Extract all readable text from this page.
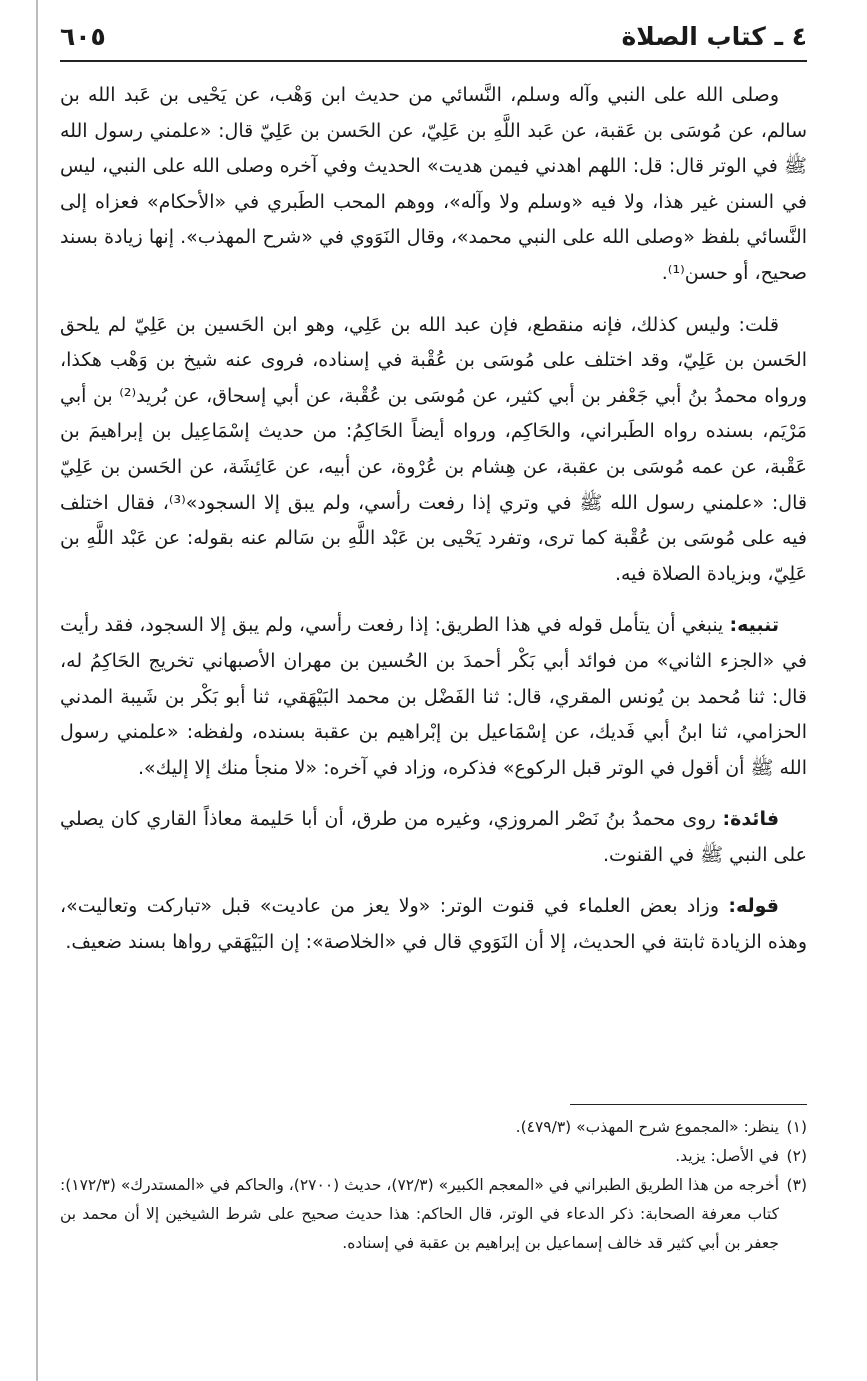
٤ ـ كتاب الصلاة
٦٠٥

وصلى الله على النبي وآله وسلم، النَّسائي من حديث ابن وَهْب، عن يَحْيى بن عَبد الله بن سالم، عن مُوسَى بن عَقبة، عن عَبد اللَّهِ بن عَلِيّ، عن الحَسن بن عَلِيّ قال: «علمني رسول الله ﷺ في الوتر قال: قل: اللهم اهدني فيمن هديت» الحديث وفي آخره وصلى الله على النبي، ليس في السنن غير هذا، ولا فيه «وسلم ولا وآله»، ووهم المحب الطَبري في «الأحكام» فعزاه إلى النَّسائي بلفظ «وصلى الله على النبي محمد»، وقال النَوَوي في «شرح المهذب». إنها زيادة بسند صحيح، أو حسن⁽¹⁾.

قلت: وليس كذلك، فإنه منقطع، فإن عبد الله بن عَلِي، وهو ابن الحَسين بن عَلِيّ لم يلحق الحَسن بن عَلِيّ، وقد اختلف على مُوسَى بن عُقْبة في إسناده، فروى عنه شيخ بن وَهْب هكذا، ورواه محمدُ بنُ أبي جَعْفر بن أبي كثير، عن مُوسَى بن عُقْبة، عن أبي إسحاق، عن بُريد⁽²⁾ بن أبي مَرْيَم، بسنده رواه الطَبراني، والحَاكِم، ورواه أيضاً الحَاكِمُ: من حديث إسْمَاعِيل بن إبراهيمَ بن عَقْبة، عن عمه مُوسَى بن عقبة، عن هِشام بن عُرْوة، عن أبيه، عن عَائِشَة، عن الحَسن بن عَلِيّ قال: «علمني رسول الله ﷺ في وتري إذا رفعت رأسي، ولم يبق إلا السجود»⁽³⁾، فقال اختلف فيه على مُوسَى بن عُقْبة كما ترى، وتفرد يَحْيى بن عَبْد اللَّهِ بن سَالم عنه بقوله: عن عَبْد اللَّهِ بن عَلِيّ، وبزيادة الصلاة فيه.

تنبيه: ينبغي أن يتأمل قوله في هذا الطريق: إذا رفعت رأسي، ولم يبق إلا السجود، فقد رأيت في «الجزء الثاني» من فوائد أبي بَكْر أحمدَ بن الحُسين بن مهران الأصبهاني تخريج الحَاكِمُ له، قال: ثنا مُحمد بن يُونس المقري، قال: ثنا الفَضْل بن محمد البَيْهَقي، ثنا أبو بَكْر بن شَيبة المدني الحزامي، ثنا ابنُ أبي فَديك، عن إسْمَاعيل بن إبْراهيم بن عقبة بسنده، ولفظه: «علمني رسول الله ﷺ أن أقول في الوتر قبل الركوع» فذكره، وزاد في آخره: «لا منجأ منك إلا إليك».

فائدة: روى محمدُ بنُ نَصْر المروزي، وغيره من طرق، أن أبا حَليمة معاذاً القاري كان يصلي على النبي ﷺ في القنوت.

قوله: وزاد بعض العلماء في قنوت الوتر: «ولا يعز من عاديت» قبل «تباركت وتعاليت»، وهذه الزيادة ثابتة في الحديث، إلا أن النَوَوي قال في «الخلاصة»: إن البَيْهَقي رواها بسند ضعيف.

(١)
ينظر: «المجموع شرح المهذب» (٤٧٩/٣).

(٢)
في الأصل: يزيد.

(٣)
أخرجه من هذا الطريق الطبراني في «المعجم الكبير» (٧٢/٣)، حديث (٢٧٠٠)، والحاكم في «المستدرك» (١٧٢/٣): كتاب معرفة الصحابة: ذكر الدعاء في الوتر، قال الحاكم: هذا حديث صحيح على شرط الشيخين إلا أن محمد بن جعفر بن أبي كثير قد خالف إسماعيل بن إبراهيم بن عقبة في إسناده.
